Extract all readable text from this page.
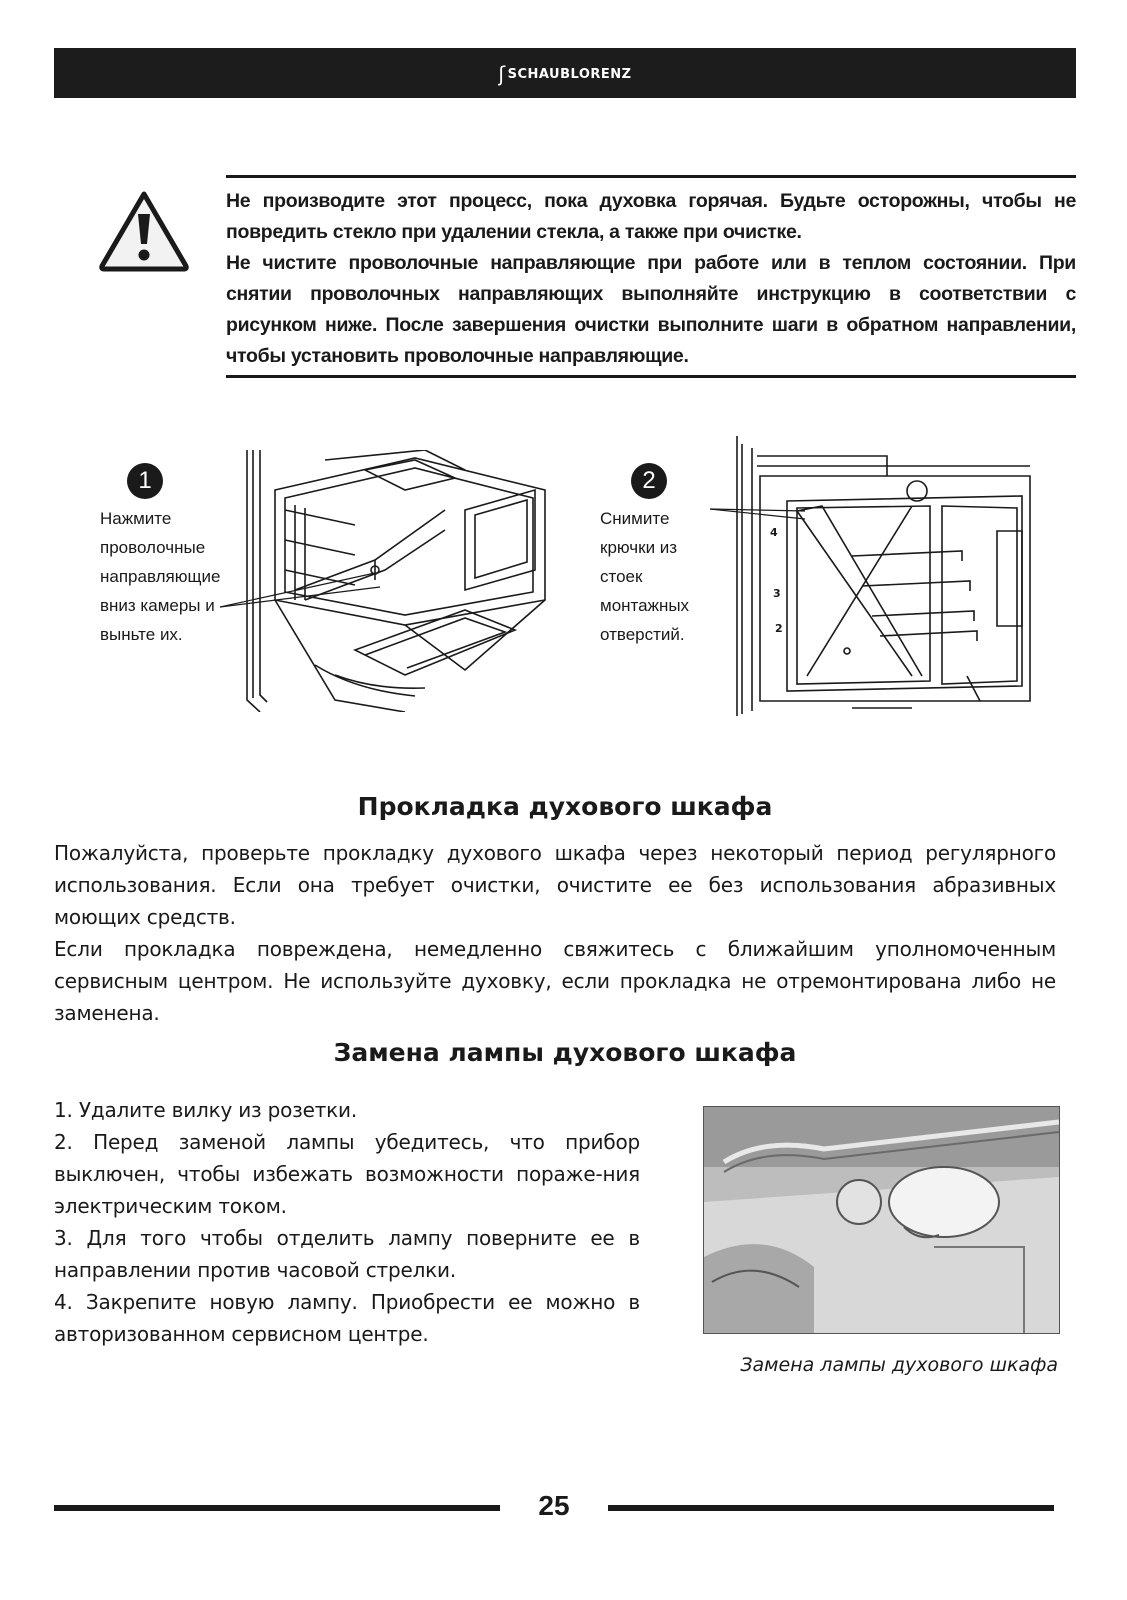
ʃSCHAUBLORENZ

Не производите этот процесс, пока духовка горячая. Будьте осторожны, чтобы не повредить стекло при удалении стекла, а также при очистке.

Не чистите проволочные направляющие при работе или в теплом состоянии. При снятии проволочных направляющих выполняйте инструкцию в соответствии с рисунком ниже. После завершения очистки выполните шаги в обратном направлении, чтобы установить проволочные направляющие.

1
Нажмите
проволочные
направляющие
вниз камеры и
выньте их.
2
Снимите
крючки из
стоек
монтажных
отверстий.
4
3
2
Прокладка духового шкафа

Пожалуйста, проверьте прокладку духового шкафа через некоторый период регулярного использования. Если она требует очистки, очистите ее без использования абразивных моющих средств.

Если прокладка повреждена, немедленно свяжитесь с ближайшим уполномоченным сервисным центром. Не используйте духовку, если прокладка не отремонтирована либо не заменена.

Замена лампы духового шкафа

1. Удалите вилку из розетки.

2. Перед заменой лампы убедитесь, что прибор выключен, чтобы избежать возможности пораже-ния электрическим током.

3. Для того чтобы отделить лампу поверните ее в направлении против часовой стрелки.

4. Закрепите новую лампу. Приобрести ее можно в авторизованном сервисном центре.

Замена лампы духового шкафа
25
